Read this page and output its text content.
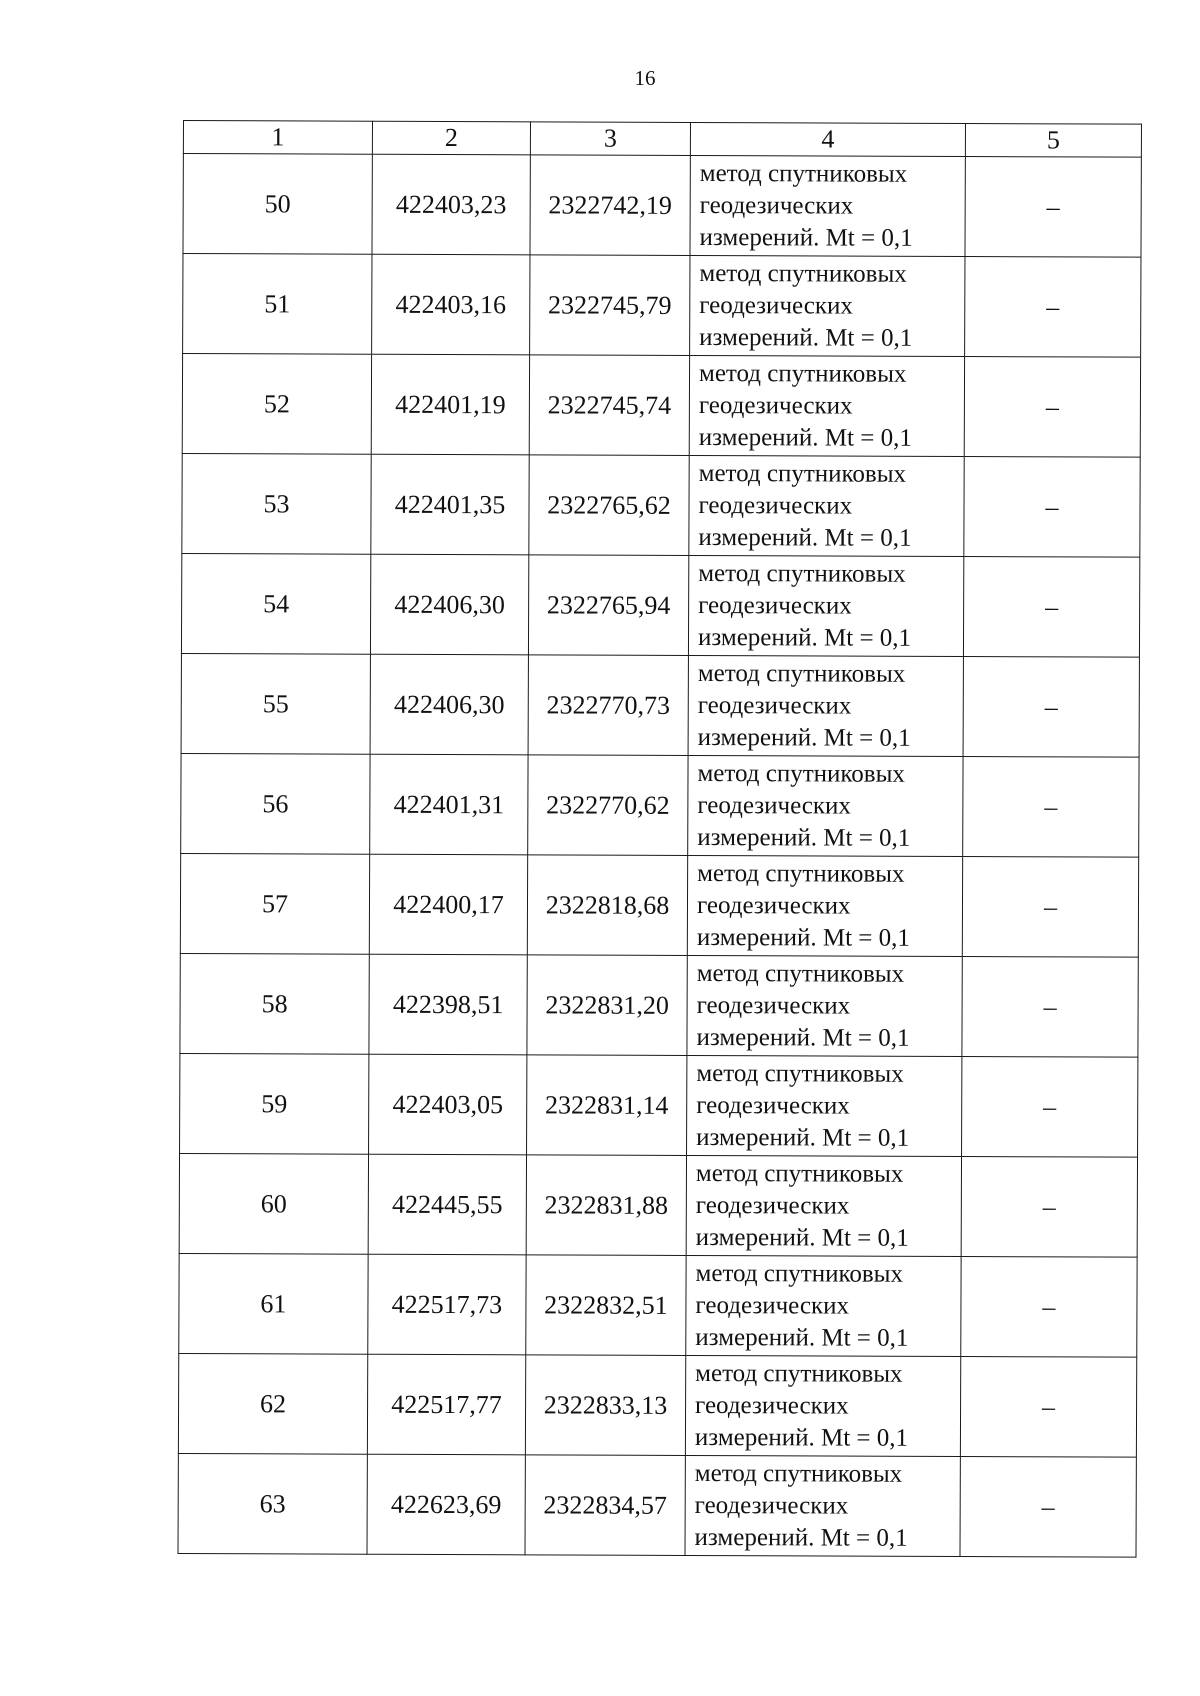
16
1	2	3	4	5
50	422403,23	2322742,19	метод спутниковых
геодезических
измерений. Mt = 0,1	–
51	422403,16	2322745,79	метод спутниковых
геодезических
измерений. Mt = 0,1	–
52	422401,19	2322745,74	метод спутниковых
геодезических
измерений. Mt = 0,1	–
53	422401,35	2322765,62	метод спутниковых
геодезических
измерений. Mt = 0,1	–
54	422406,30	2322765,94	метод спутниковых
геодезических
измерений. Mt = 0,1	–
55	422406,30	2322770,73	метод спутниковых
геодезических
измерений. Mt = 0,1	–
56	422401,31	2322770,62	метод спутниковых
геодезических
измерений. Mt = 0,1	–
57	422400,17	2322818,68	метод спутниковых
геодезических
измерений. Mt = 0,1	–
58	422398,51	2322831,20	метод спутниковых
геодезических
измерений. Mt = 0,1	–
59	422403,05	2322831,14	метод спутниковых
геодезических
измерений. Mt = 0,1	–
60	422445,55	2322831,88	метод спутниковых
геодезических
измерений. Mt = 0,1	–
61	422517,73	2322832,51	метод спутниковых
геодезических
измерений. Mt = 0,1	–
62	422517,77	2322833,13	метод спутниковых
геодезических
измерений. Mt = 0,1	–
63	422623,69	2322834,57	метод спутниковых
геодезических
измерений. Mt = 0,1	–
